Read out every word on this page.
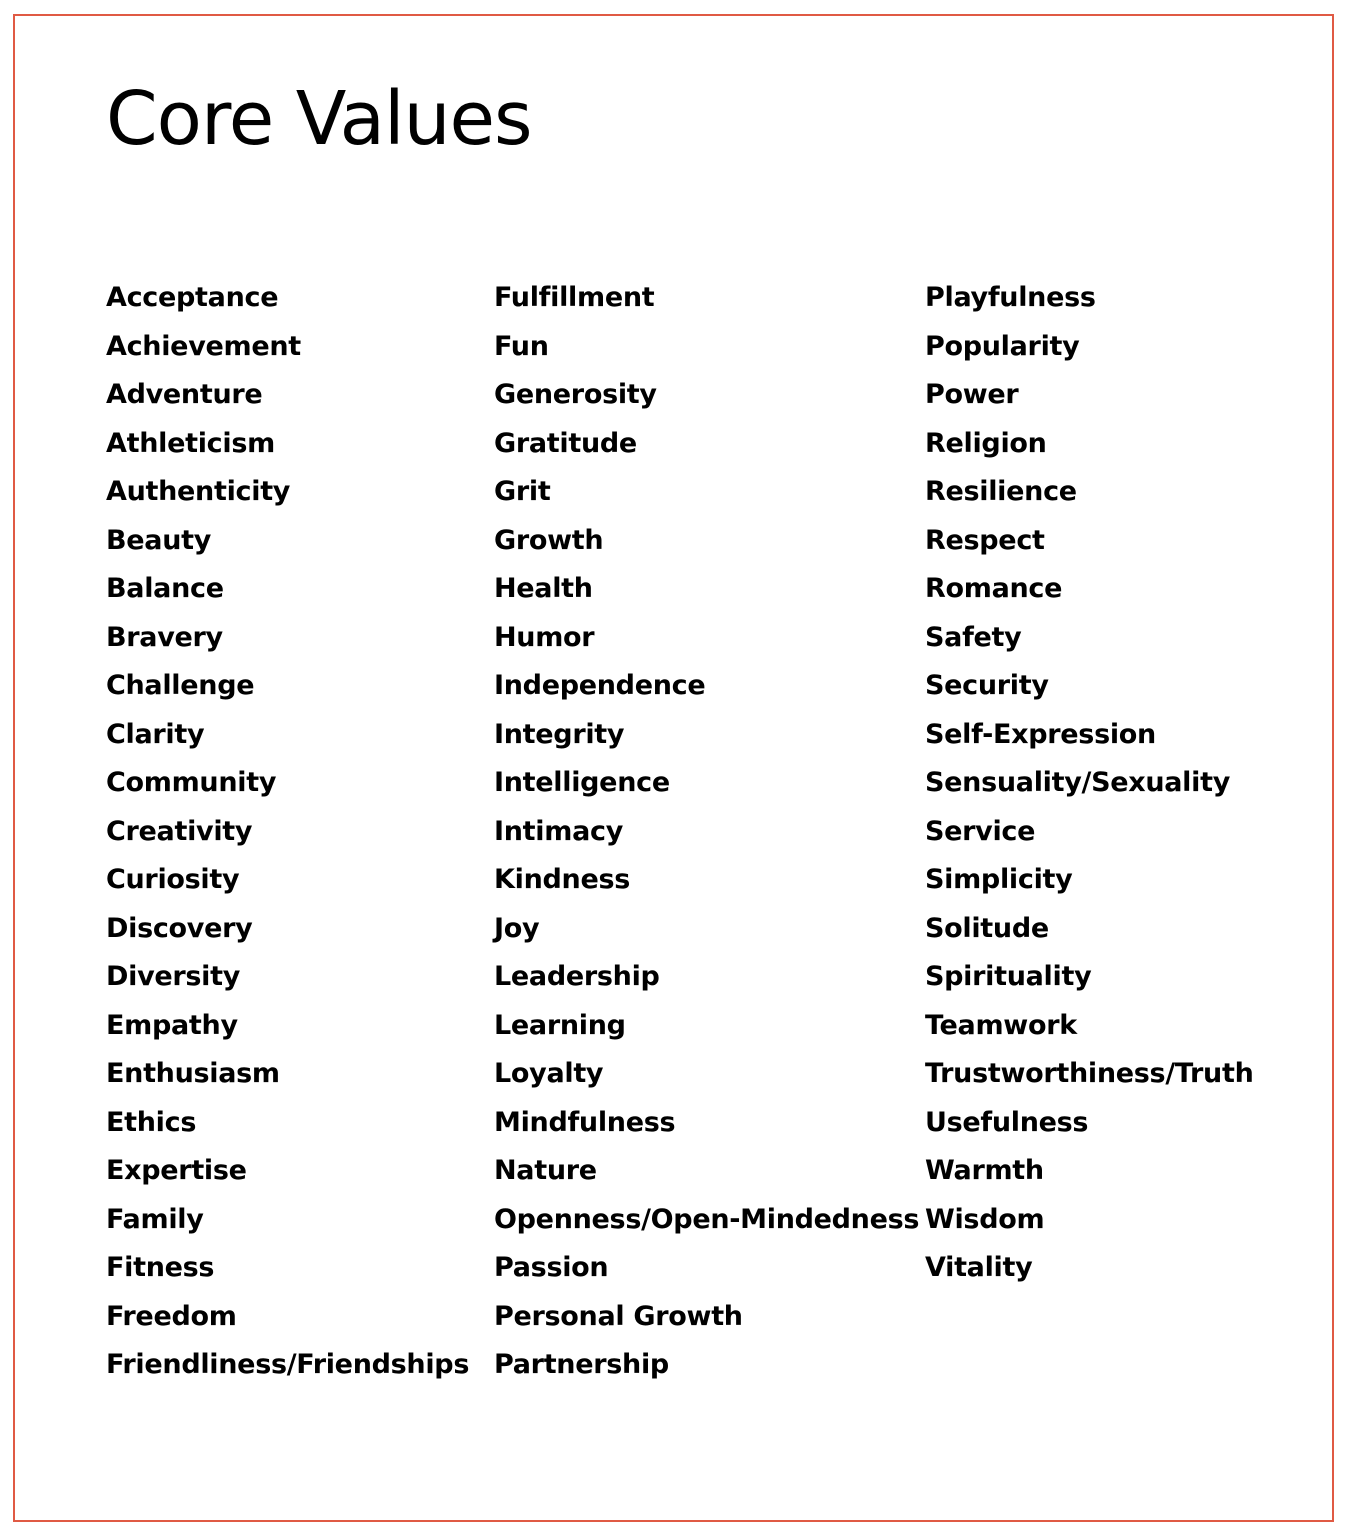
Core Values
Acceptance
Achievement
Adventure
Athleticism
Authenticity
Beauty
Balance
Bravery
Challenge
Clarity
Community
Creativity
Curiosity
Discovery
Diversity
Empathy
Enthusiasm
Ethics
Expertise
Family
Fitness
Freedom
Friendliness/Friendships
Fulfillment
Fun
Generosity
Gratitude
Grit
Growth
Health
Humor
Independence
Integrity
Intelligence
Intimacy
Kindness
Joy
Leadership
Learning
Loyalty
Mindfulness
Nature
Openness/Open-Mindedness
Passion
Personal Growth
Partnership
Playfulness
Popularity
Power
Religion
Resilience
Respect
Romance
Safety
Security
Self-Expression
Sensuality/Sexuality
Service
Simplicity
Solitude
Spirituality
Teamwork
Trustworthiness/Truth
Usefulness
Warmth
Wisdom
Vitality
